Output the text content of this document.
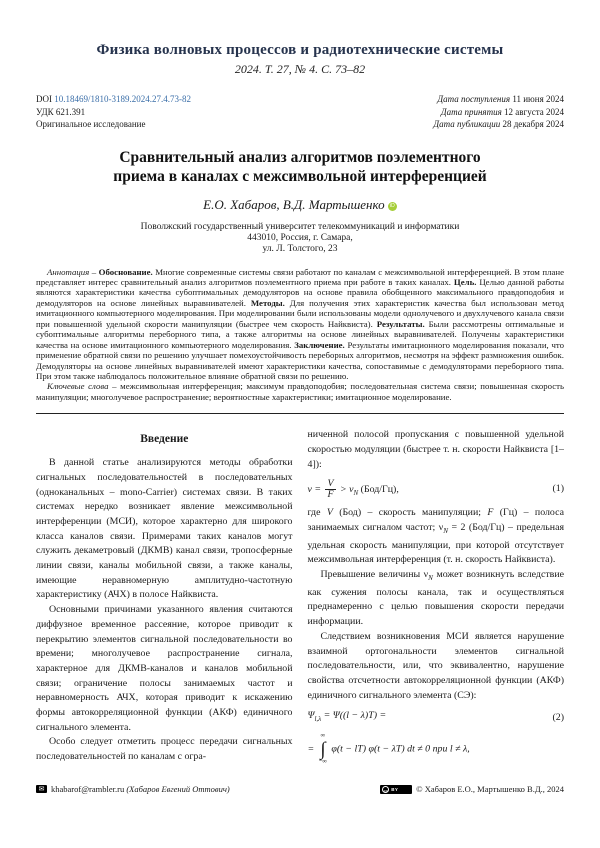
Физика волновых процессов и радиотехнические системы
2024. Т. 27, № 4. С. 73–82
DOI 10.18469/1810-3189.2024.27.4.73-82
УДК 621.391
Оригинальное исследование
Дата поступления 11 июня 2024
Дата принятия 12 августа 2024
Дата публикации 28 декабря 2024
Сравнительный анализ алгоритмов поэлементного
приема в каналах с межсимвольной интерференцией
Е.О. Хабаров, В.Д. Мартышенко iD
Поволжский государственный университет телекоммуникаций и информатики
443010, Россия, г. Самара,
ул. Л. Толстого, 23

Аннотация – Обоснование. Многие современные системы связи работают по каналам с межсимвольной интерференцией. В этом плане представляет интерес сравнительный анализ алгоритмов поэлементного приема при работе в таких каналах. Цель. Целью данной работы являются характеристики качества субоптимальных демодуляторов на основе правила обобщенного максимального правдоподобия и демодуляторов на основе линейных выравнивателей. Методы. Для получения этих характеристик качества был использован метод имитационного компьютерного моделирования. При моделировании были использованы модели однолучевого и двухлучевого канала связи при повышенной удельной скорости манипуляции (быстрее чем скорость Найквиста). Результаты. Были рассмотрены оптимальные и субоптимальные алгоритмы переборного типа, а также алгоритмы на основе линейных выравнивателей. Получены характеристики качества на основе имитационного компьютерного моделирования. Заключение. Результаты имитационного моделирования показали, что применение обратной связи по решению улучшает помехоустойчивость переборных алгоритмов, несмотря на эффект размножения ошибок. Демодуляторы на основе линейных выравнивателей имеют характеристики качества, сопоставимые с демодуляторами переборного типа. При этом также наблюдалось положительное влияние обратной связи по решению.

Ключевые слова – межсимвольная интерференция; максимум правдоподобия; последовательная система связи; повышенная скорость манипуляции; многолучевое распространение; вероятностные характеристики; имитационное моделирование.

Введение

В данной статье анализируются методы обработки сигнальных последовательностей в последовательных (одноканальных – mono-Carrier) системах связи. В таких системах нередко возникает явление межсимвольной интерференции (МСИ), которое характерно для широкого класса каналов связи. Примерами таких каналов могут служить декаметровый (ДКМВ) канал связи, тропосферные линии связи, каналы мобильной связи, а также каналы, имеющие неравномерную амплитудно-частотную характеристику (АЧХ) в полосе Найквиста.

Основными причинами указанного явления считаются диффузное временное рассеяние, которое приводит к перекрытию элементов сигнальной последовательности во времени; многолучевое распространение сигнала, характерное для ДКМВ-каналов и каналов мобильной связи; ограничение полосы занимаемых частот и неравномерность АЧХ, которая приводит к искажению формы автокорреляционной функции (АКФ) единичного сигнального элемента.

Особо следует отметить процесс передачи сигнальных последовательностей по каналам с огра-

ниченной полосой пропускания с повышенной удельной скоростью модуляции (быстрее т. н. скорости Найквиста [1–4]):

$\nu = \frac{V}{F} > \nu_N$ (Бод/Гц),	(1)

где V (Бод) – скорость манипуляции; F (Гц) – полоса занимаемых сигналом частот; $\nu_N = 2$ (Бод/Гц) – предельная удельная скорость манипуляции, при которой отсутствует межсимвольная интерференция (т. н. скорость Найквиста).

Превышение величины $\nu_N$ может возникнуть вследствие как сужения полосы канала, так и осуществляться преднамеренно с целью повышения скорости передачи информации.

Следствием возникновения МСИ является нарушение взаимной ортогональности элементов сигнальной последовательности, или, что эквивалентно, нарушение свойства отсчетности автокорреляционной функции (АКФ) единичного сигнального элемента (СЭ):

$\Psi_{l,\lambda} = \Psi((l - \lambda)T)$ =	(2)
=
∞
∫
−∞
φ(t − lT) φ(t − λT) dt ≠ 0 при l ≠ λ,
✉ khabarof@rambler.ru (Хабаров Евгений Оттович)	cc BY © Хабаров Е.О., Мартышенко В.Д., 2024
